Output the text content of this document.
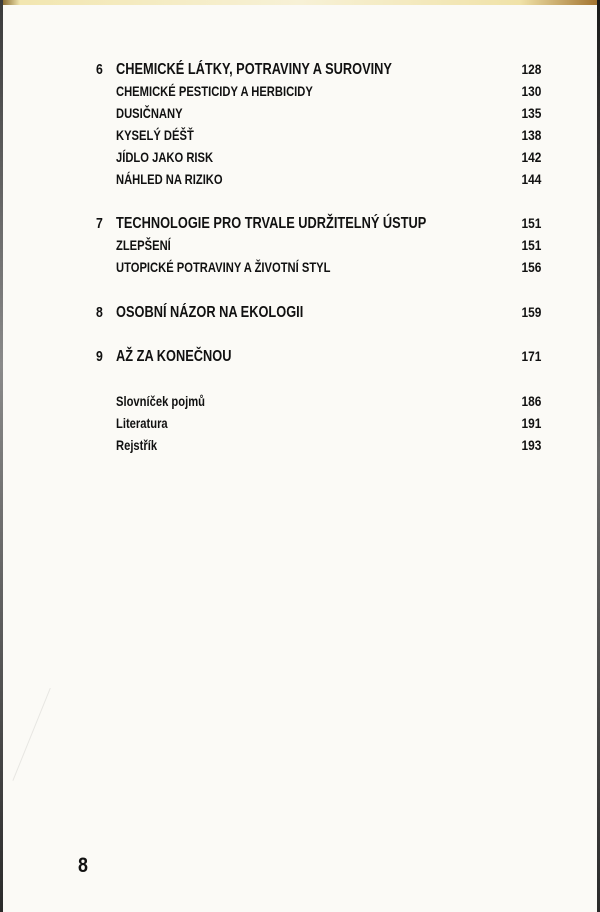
6 CHEMICKÉ LÁTKY, POTRAVINY A SUROVINY	128
CHEMICKÉ PESTICIDY A HERBICIDY	130
DUSIČNANY	135
KYSELÝ DÉŠŤ	138
JÍDLO JAKO RISK	142
NÁHLED NA RIZIKO	144
7 TECHNOLOGIE PRO TRVALE UDRŽITELNÝ ÚSTUP	151
ZLEPŠENÍ	151
UTOPICKÉ POTRAVINY A ŽIVOTNÍ STYL	156
8 OSOBNÍ NÁZOR NA EKOLOGII	159
9 AŽ ZA KONEČNOU	171
Slovníček pojmů	186
Literatura	191
Rejstřík	193
8
